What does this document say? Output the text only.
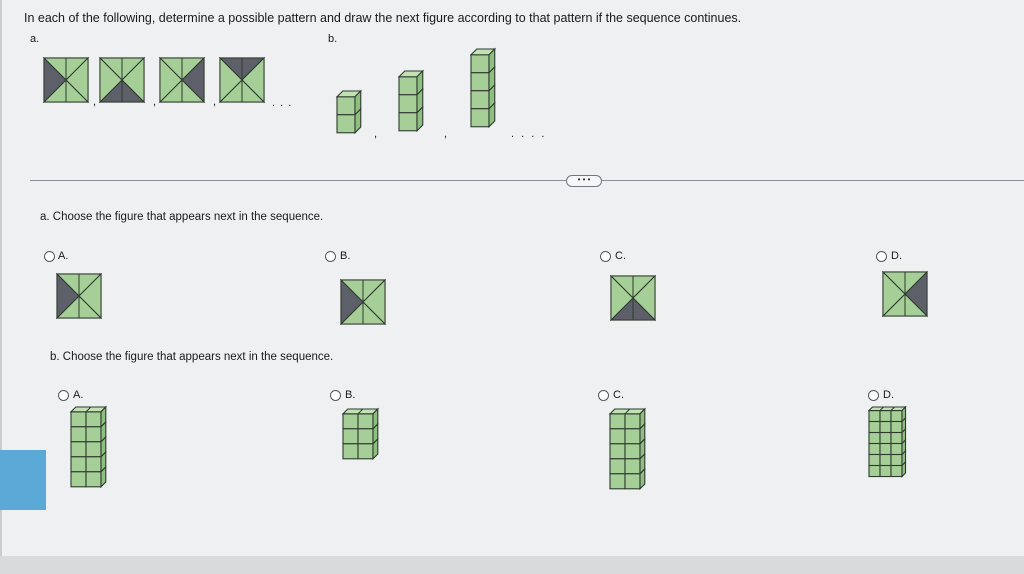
In each of the following, determine a possible pattern and draw the next figure according to that pattern if the sequence continues.
a.	b.
,	,	,	. . .
,	,	. . . .
• • •
a. Choose the figure that appears next in the sequence.
A.	B.	C.	D.
b. Choose the figure that appears next in the sequence.
A.	B.	C.	D.
